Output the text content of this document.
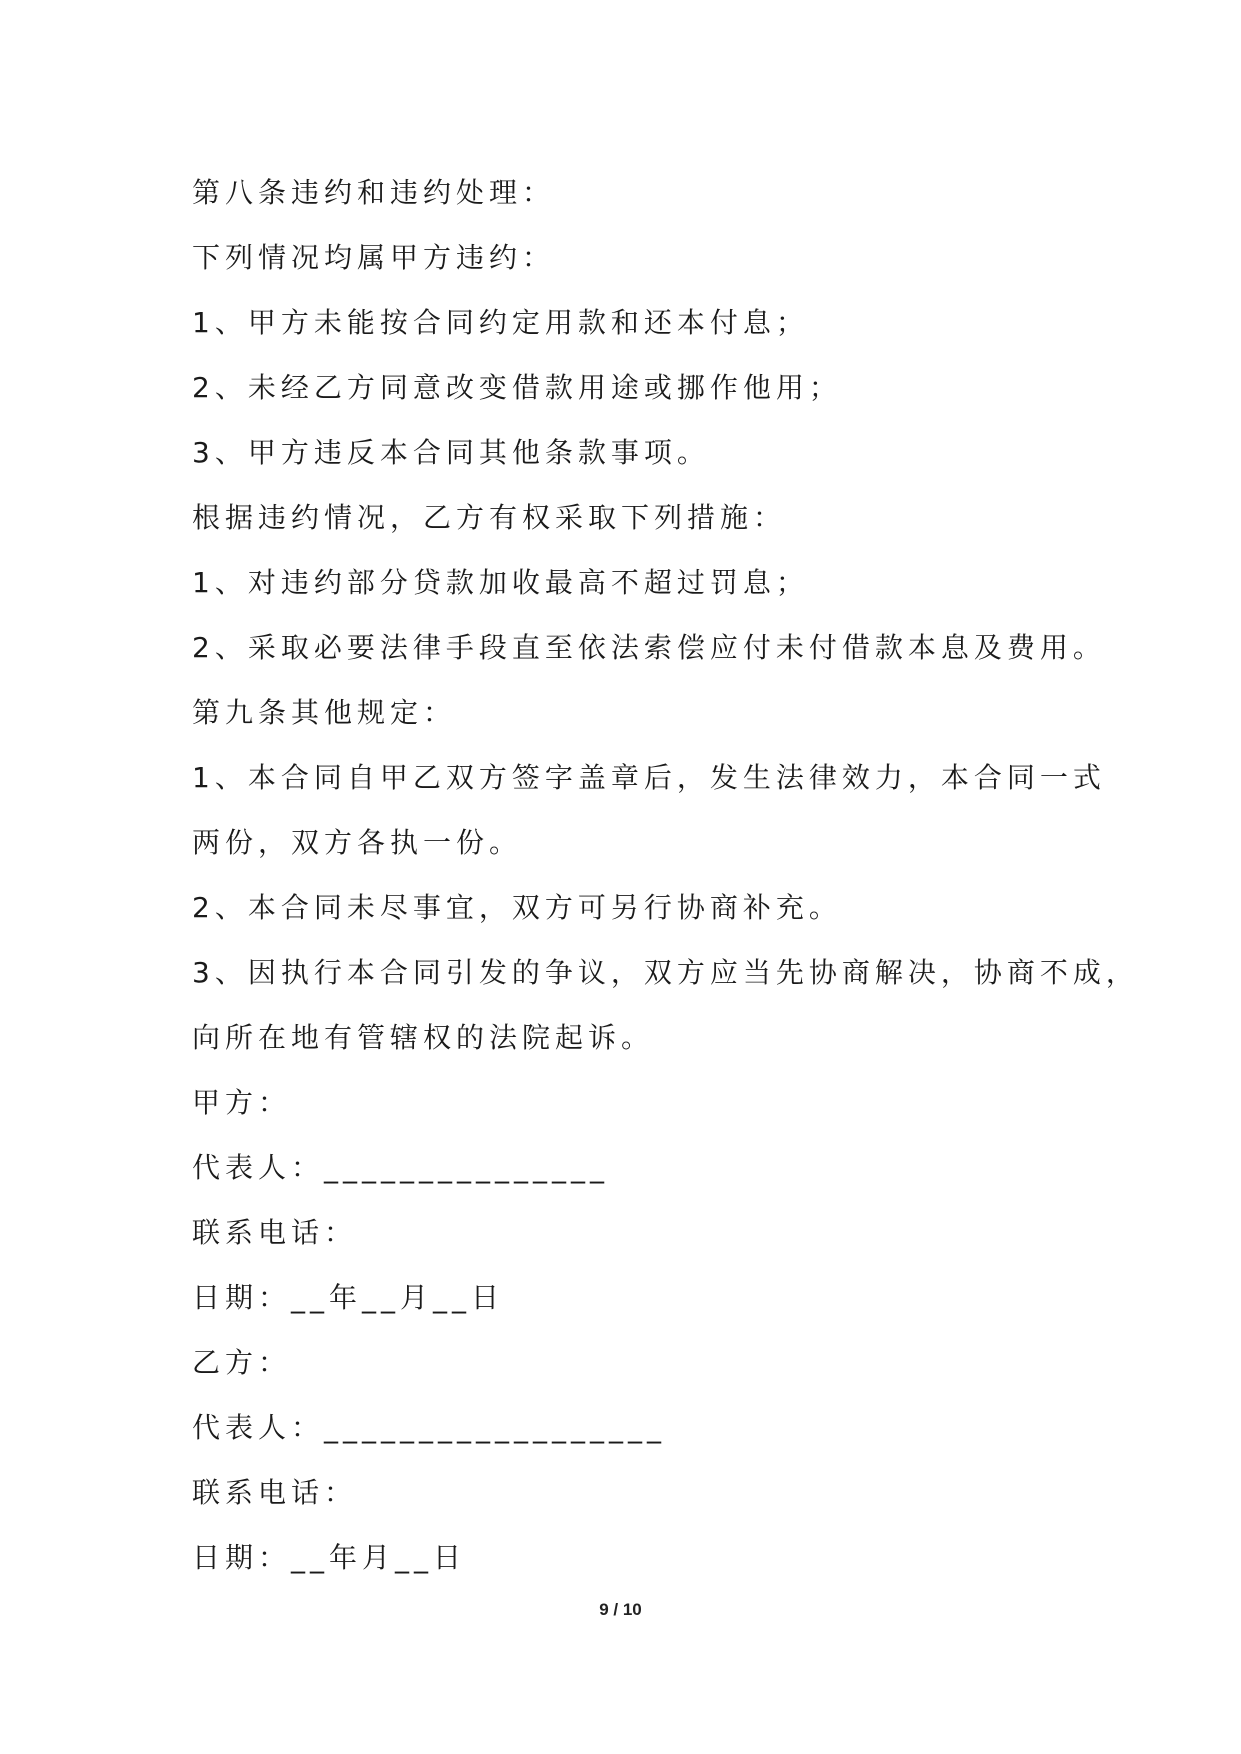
第八条违约和违约处理：
下列情况均属甲方违约：
1、甲方未能按合同约定用款和还本付息；
2、未经乙方同意改变借款用途或挪作他用；
3、甲方违反本合同其他条款事项。
根据违约情况，乙方有权采取下列措施：
1、对违约部分贷款加收最高不超过罚息；
2、采取必要法律手段直至依法索偿应付未付借款本息及费用。
第九条其他规定：
1、本合同自甲乙双方签字盖章后，发生法律效力，本合同一式
两份，双方各执一份。
2、本合同未尽事宜，双方可另行协商补充。
3、因执行本合同引发的争议，双方应当先协商解决，协商不成，
向所在地有管辖权的法院起诉。
甲方：
代表人：_______________
联系电话：
日期：__年__月__日
乙方：
代表人：__________________
联系电话：
日期：__年月__日
9 / 10
